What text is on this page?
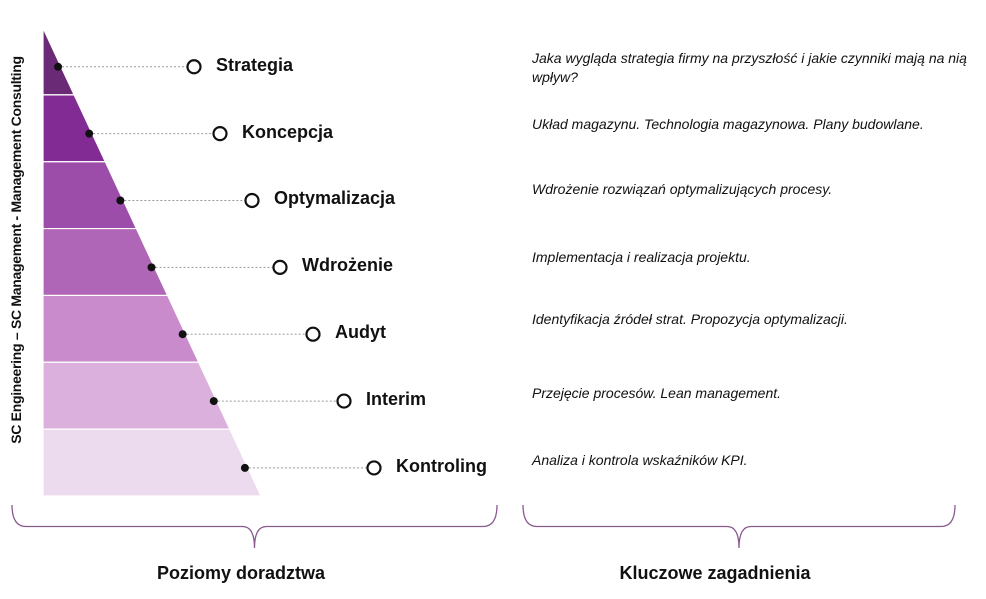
SC Engineering – SC Management - Management Consulting	Strategia
Koncepcja
Optymalizacja
Wdrożenie
Audyt
Interim
Kontroling
Jaka wygląda strategia firmy na przyszłość i jakie czynniki mają na nią wpływ?
Układ magazynu. Technologia magazynowa. Plany budowlane.
Wdrożenie rozwiązań optymalizujących procesy.
Implementacja i realizacja projektu.
Identyfikacja źródeł strat. Propozycja optymalizacji.
Przejęcie procesów. Lean management.
Analiza i kontrola wskaźników KPI.
Poziomy doradztwa	Kluczowe zagadnienia
